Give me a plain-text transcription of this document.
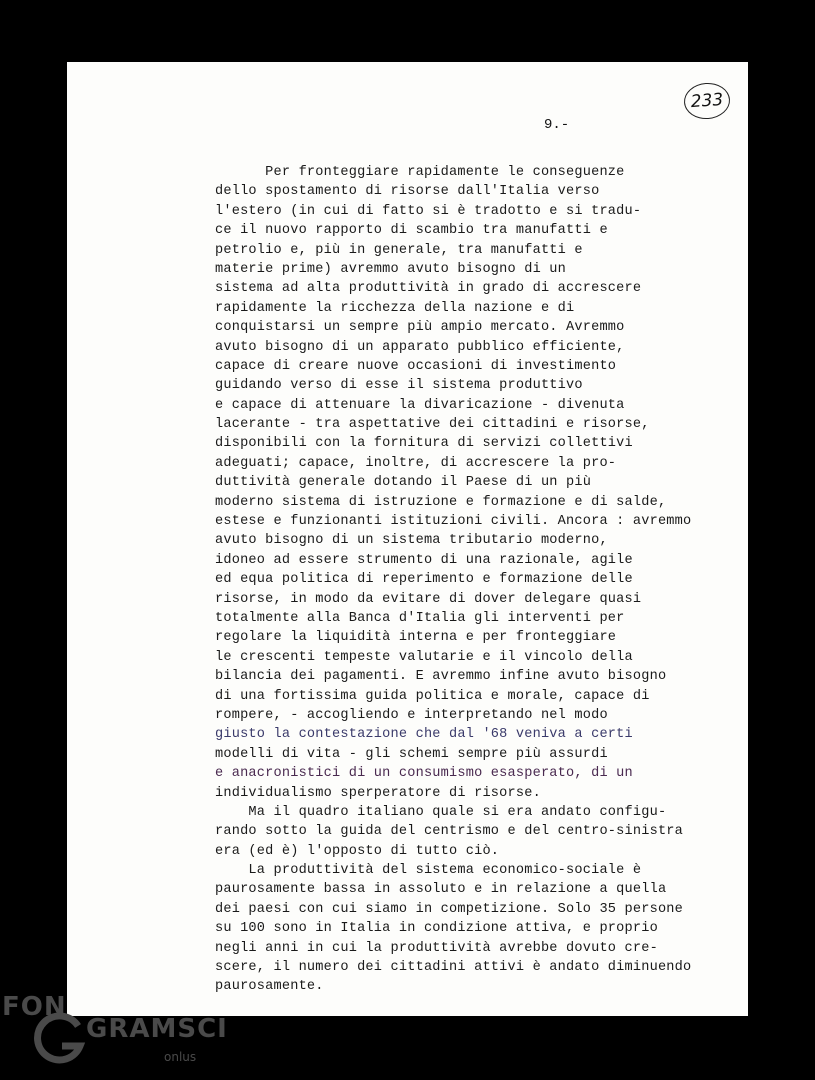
233
9.-
Per fronteggiare rapidamente le conseguenze
dello spostamento di risorse dall'Italia verso
l'estero (in cui di fatto si è tradotto e si tradu-
ce il nuovo rapporto di scambio tra manufatti e
petrolio e, più in generale, tra manufatti e
materie prime) avremmo avuto bisogno di un
sistema ad alta produttività in grado di accrescere
rapidamente la ricchezza della nazione e di
conquistarsi un sempre più ampio mercato. Avremmo
avuto bisogno di un apparato pubblico efficiente,
capace di creare nuove occasioni di investimento
guidando verso di esse il sistema produttivo
e capace di attenuare la divaricazione - divenuta
lacerante - tra aspettative dei cittadini e risorse,
disponibili con la fornitura di servizi collettivi
adeguati; capace, inoltre, di accrescere la pro-
duttività generale dotando il Paese di un più
moderno sistema di istruzione e formazione e di salde,
estese e funzionanti istituzioni civili. Ancora : avremmo
avuto bisogno di un sistema tributario moderno,
idoneo ad essere strumento di una razionale, agile
ed equa politica di reperimento e formazione delle
risorse, in modo da evitare di dover delegare quasi
totalmente alla Banca d'Italia gli interventi per
regolare la liquidità interna e per fronteggiare
le crescenti tempeste valutarie e il vincolo della
bilancia dei pagamenti. E avremmo infine avuto bisogno
di una fortissima guida politica e morale, capace di
rompere, - accogliendo e interpretando nel modo
giusto la contestazione che dal '68 veniva a certi
modelli di vita - gli schemi sempre più assurdi
e anacronistici di un consumismo esasperato, di un
individualismo sperperatore di risorse.
Ma il quadro italiano quale si era andato configu-
rando sotto la guida del centrismo e del centro-sinistra
era (ed è) l'opposto di tutto ciò.
La produttività del sistema economico-sociale è
paurosamente bassa in assoluto e in relazione a quella
dei paesi con cui siamo in competizione. Solo 35 persone
su 100 sono in Italia in condizione attiva, e proprio
negli anni in cui la produttività avrebbe dovuto cre-
scere, il numero dei cittadini attivi è andato diminuendo
paurosamente.
FON
GRAMSCI
onlus
